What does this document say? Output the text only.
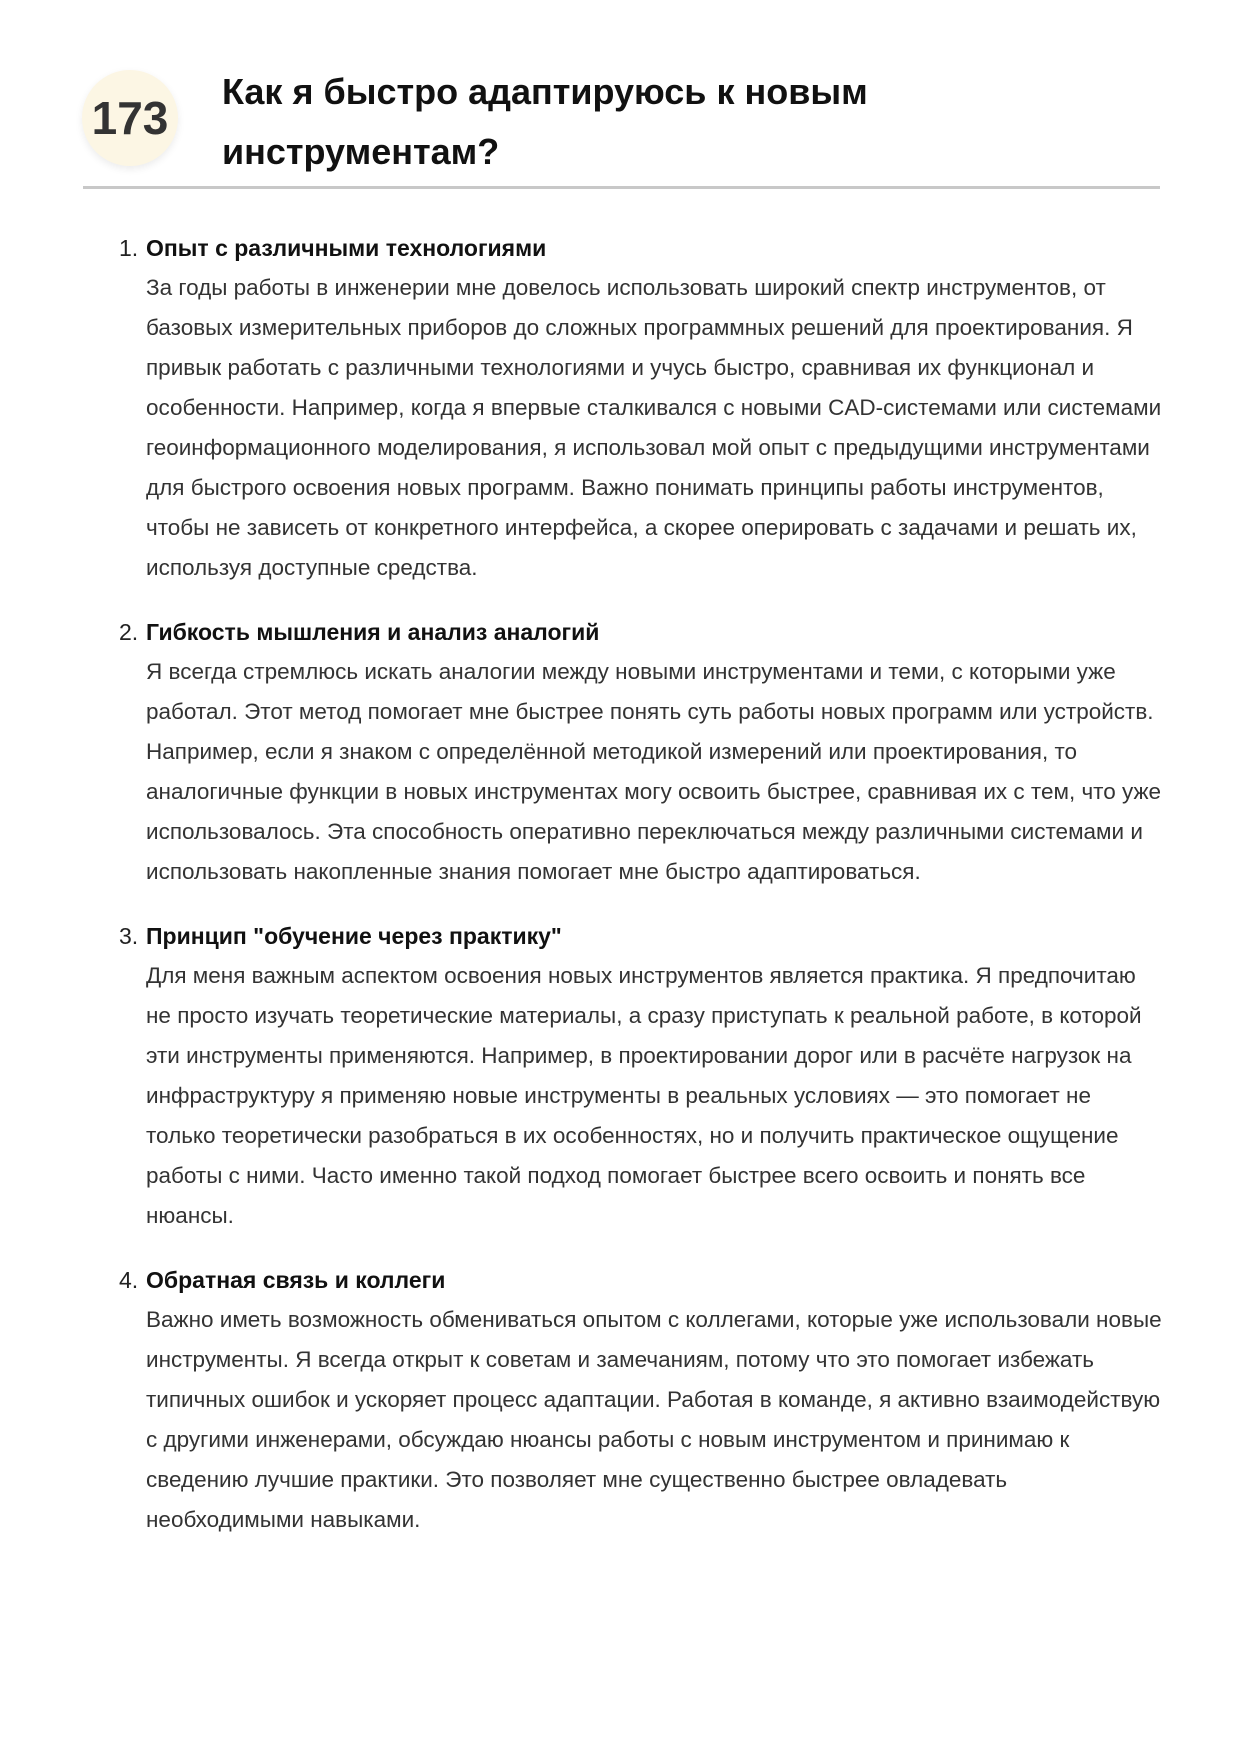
173
Как я быстро адаптируюсь к новым инструментам?
1. Опыт с различными технологиями
За годы работы в инженерии мне довелось использовать широкий спектр инструментов, от базовых измерительных приборов до сложных программных решений для проектирования. Я привык работать с различными технологиями и учусь быстро, сравнивая их функционал и особенности. Например, когда я впервые сталкивался с новыми CAD-системами или системами геоинформационного моделирования, я использовал мой опыт с предыдущими инструментами для быстрого освоения новых программ. Важно понимать принципы работы инструментов, чтобы не зависеть от конкретного интерфейса, а скорее оперировать с задачами и решать их, используя доступные средства.
2. Гибкость мышления и анализ аналогий
Я всегда стремлюсь искать аналогии между новыми инструментами и теми, с которыми уже работал. Этот метод помогает мне быстрее понять суть работы новых программ или устройств. Например, если я знаком с определённой методикой измерений или проектирования, то аналогичные функции в новых инструментах могу освоить быстрее, сравнивая их с тем, что уже использовалось. Эта способность оперативно переключаться между различными системами и использовать накопленные знания помогает мне быстро адаптироваться.
3. Принцип "обучение через практику"
Для меня важным аспектом освоения новых инструментов является практика. Я предпочитаю не просто изучать теоретические материалы, а сразу приступать к реальной работе, в которой эти инструменты применяются. Например, в проектировании дорог или в расчёте нагрузок на инфраструктуру я применяю новые инструменты в реальных условиях — это помогает не только теоретически разобраться в их особенностях, но и получить практическое ощущение работы с ними. Часто именно такой подход помогает быстрее всего освоить и понять все нюансы.
4. Обратная связь и коллеги
Важно иметь возможность обмениваться опытом с коллегами, которые уже использовали новые инструменты. Я всегда открыт к советам и замечаниям, потому что это помогает избежать типичных ошибок и ускоряет процесс адаптации. Работая в команде, я активно взаимодействую с другими инженерами, обсуждаю нюансы работы с новым инструментом и принимаю к сведению лучшие практики. Это позволяет мне существенно быстрее овладевать необходимыми навыками.
